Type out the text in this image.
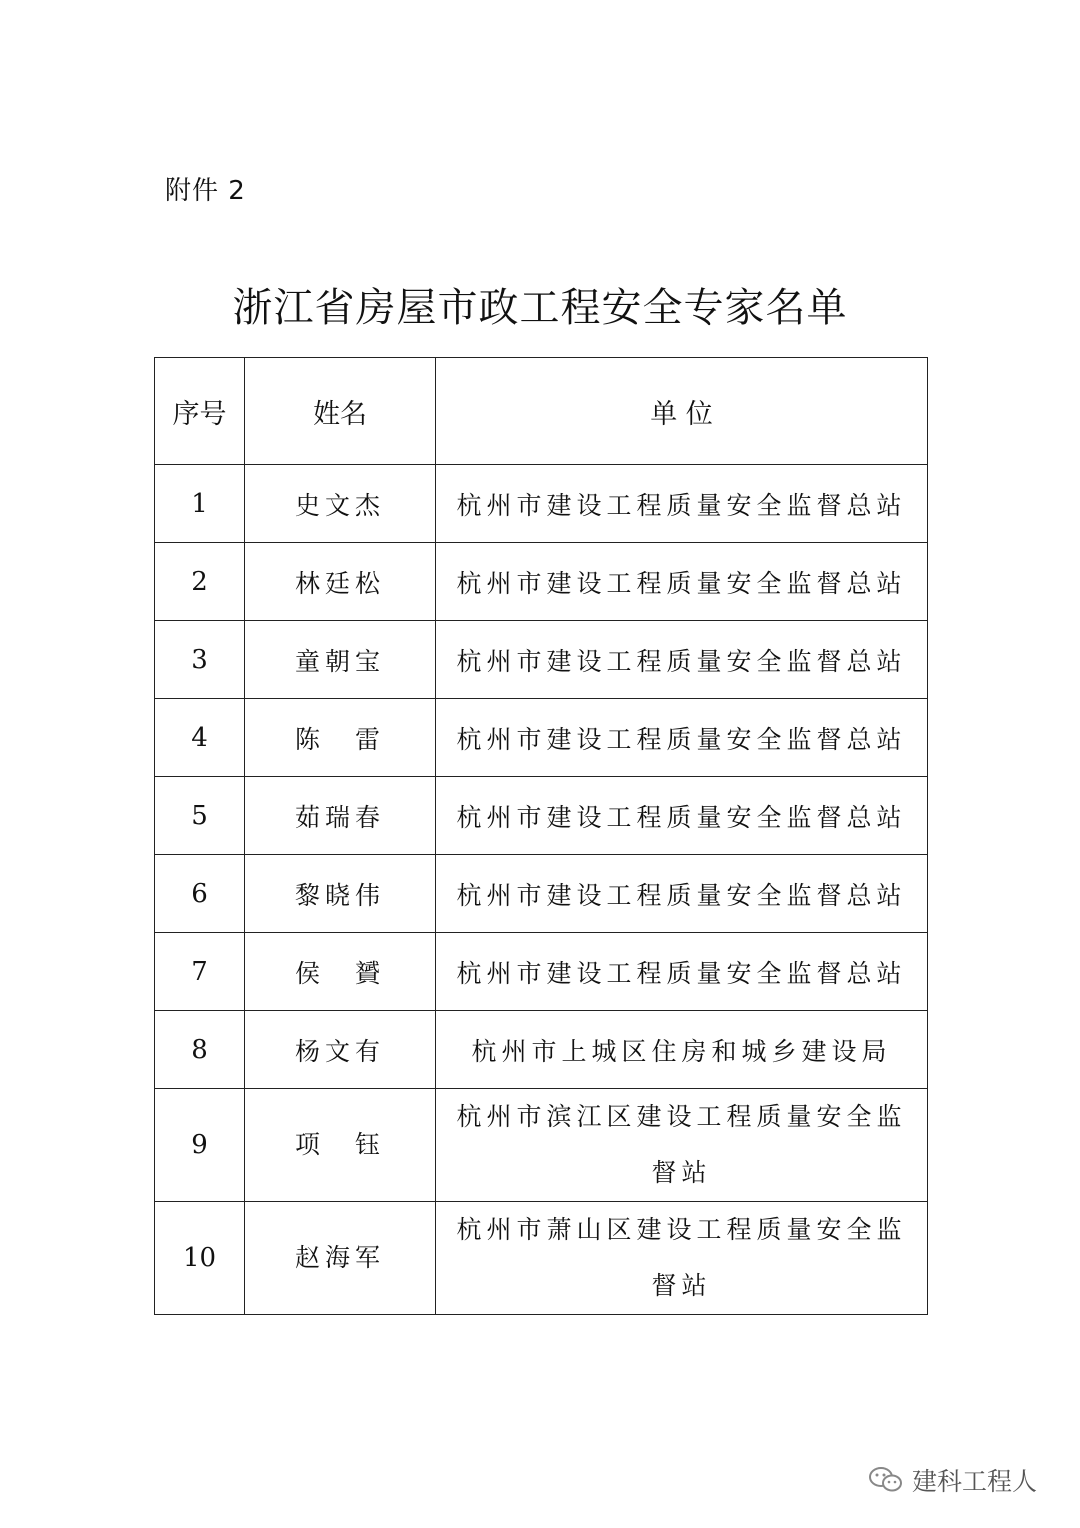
附件 2
浙江省房屋市政工程安全专家名单
序号	姓名	单 位
1	史文杰	杭州市建设工程质量安全监督总站
2	林廷松	杭州市建设工程质量安全监督总站
3	童朝宝	杭州市建设工程质量安全监督总站
4	陈　雷	杭州市建设工程质量安全监督总站
5	茹瑞春	杭州市建设工程质量安全监督总站
6	黎晓伟	杭州市建设工程质量安全监督总站
7	侯　贇	杭州市建设工程质量安全监督总站
8	杨文有	杭州市上城区住房和城乡建设局
9	项　钰	杭州市滨江区建设工程质量安全监督站
10	赵海军	杭州市萧山区建设工程质量安全监督站
建科工程人
